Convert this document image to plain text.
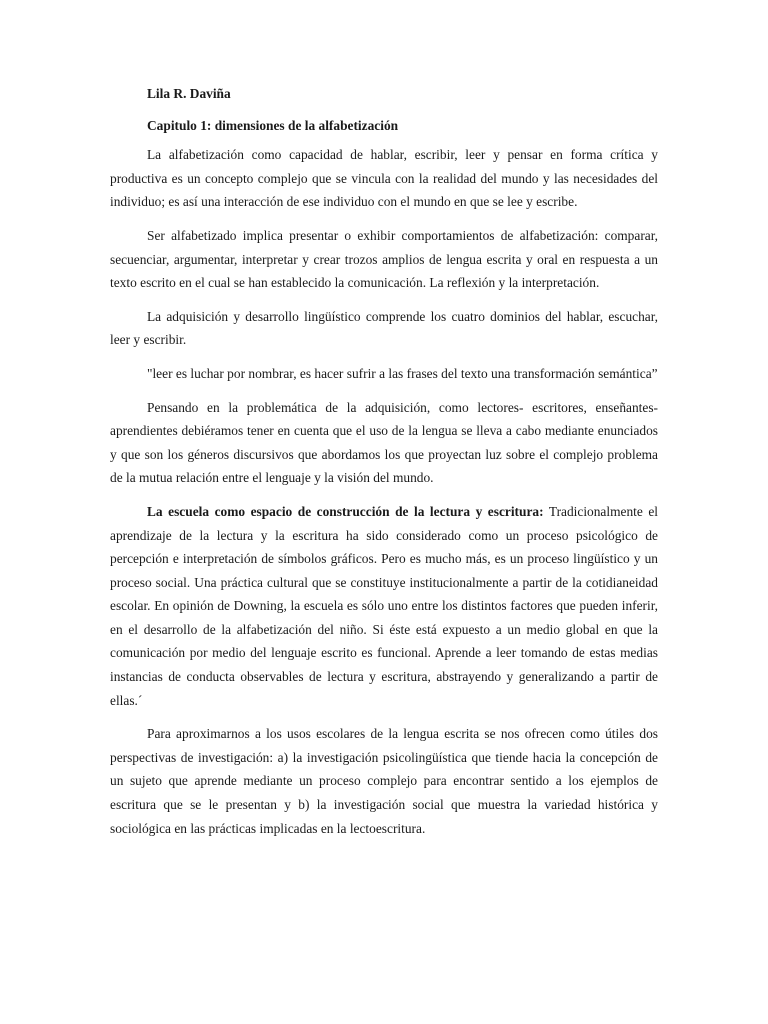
Lila R. Daviña

Capitulo 1: dimensiones de la alfabetización

La alfabetización como capacidad de hablar, escribir, leer y pensar en forma crítica y productiva es un concepto complejo que se vincula con la realidad del mundo y las necesidades del individuo; es así una interacción de ese individuo con el mundo en que se lee y escribe.

Ser alfabetizado implica presentar o exhibir comportamientos de alfabetización: comparar, secuenciar, argumentar, interpretar y crear trozos amplios de lengua escrita y oral en respuesta a un texto escrito en el cual se han establecido la comunicación. La reflexión y la interpretación.

La adquisición y desarrollo lingüístico comprende los cuatro dominios del hablar, escuchar, leer y escribir.

"leer es luchar por nombrar, es hacer sufrir a las frases del texto una transformación semántica”

Pensando en la problemática de la adquisición, como lectores- escritores, enseñantes-aprendientes debiéramos tener en cuenta que el uso de la lengua se lleva a cabo mediante enunciados y que son los géneros discursivos que abordamos los que proyectan luz sobre el complejo problema de la mutua relación entre el lenguaje y la visión del mundo.

La escuela como espacio de construcción de la lectura y escritura: Tradicionalmente el aprendizaje de la lectura y la escritura ha sido considerado como un proceso psicológico de percepción e interpretación de símbolos gráficos. Pero es mucho más, es un proceso lingüístico y un proceso social. Una práctica cultural que se constituye institucionalmente a partir de la cotidianeidad escolar. En opinión de Downing, la escuela es sólo uno entre los distintos factores que pueden inferir, en el desarrollo de la alfabetización del niño. Si éste está expuesto a un medio global en que la comunicación por medio del lenguaje escrito es funcional. Aprende a leer tomando de estas medias instancias de conducta observables de lectura y escritura, abstrayendo y generalizando a partir de ellas.´

Para aproximarnos a los usos escolares de la lengua escrita se nos ofrecen como útiles dos perspectivas de investigación: a) la investigación psicolingüística que tiende hacia la concepción de un sujeto que aprende mediante un proceso complejo para encontrar sentido a los ejemplos de escritura que se le presentan y b) la investigación social que muestra la variedad histórica y sociológica en las prácticas implicadas en la lectoescritura.
